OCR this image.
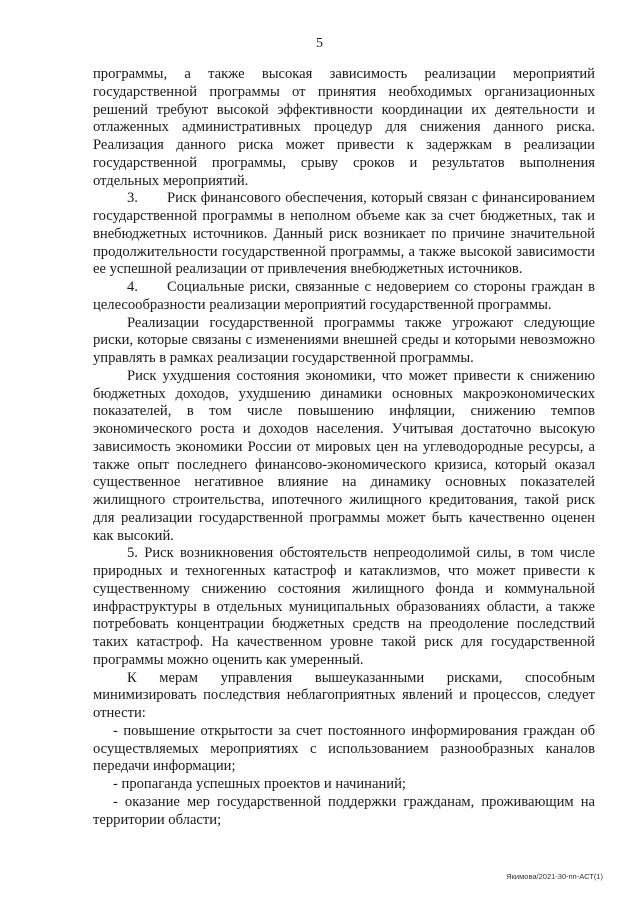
5

программы, а также высокая зависимость реализации мероприятий государственной программы от принятия необходимых организационных решений требуют высокой эффективности координации их деятельности и отлаженных административных процедур для снижения данного риска. Реализация данного риска может привести к задержкам в реализации государственной программы, срыву сроков и результатов выполнения отдельных мероприятий.

3. Риск финансового обеспечения, который связан с финансированием государственной программы в неполном объеме как за счет бюджетных, так и внебюджетных источников. Данный риск возникает по причине значительной продолжительности государственной программы, а также высокой зависимости ее успешной реализации от привлечения внебюджетных источников.

4. Социальные риски, связанные с недоверием со стороны граждан в целесообразности реализации мероприятий государственной программы.

Реализации государственной программы также угрожают следующие риски, которые связаны с изменениями внешней среды и которыми невозможно управлять в рамках реализации государственной программы.

Риск ухудшения состояния экономики, что может привести к снижению бюджетных доходов, ухудшению динамики основных макроэкономических показателей, в том числе повышению инфляции, снижению темпов экономического роста и доходов населения. Учитывая достаточно высокую зависимость экономики России от мировых цен на углеводородные ресурсы, а также опыт последнего финансово-экономического кризиса, который оказал существенное негативное влияние на динамику основных показателей жилищного строительства, ипотечного жилищного кредитования, такой риск для реализации государственной программы может быть качественно оценен как высокий.

5. Риск возникновения обстоятельств непреодолимой силы, в том числе природных и техногенных катастроф и катаклизмов, что может привести к существенному снижению состояния жилищного фонда и коммунальной инфраструктуры в отдельных муниципальных образованиях области, а также потребовать концентрации бюджетных средств на преодоление последствий таких катастроф. На качественном уровне такой риск для государственной программы можно оценить как умеренный.

К мерам управления вышеуказанными рисками, способным минимизировать последствия неблагоприятных явлений и процессов, следует отнести:

- повышение открытости за счет постоянного информирования граждан об осуществляемых мероприятиях с использованием разнообразных каналов передачи информации;

- пропаганда успешных проектов и начинаний;

- оказание мер государственной поддержки гражданам, проживающим на территории области;

Якимова/2021-30-пп-АСТ(1)
